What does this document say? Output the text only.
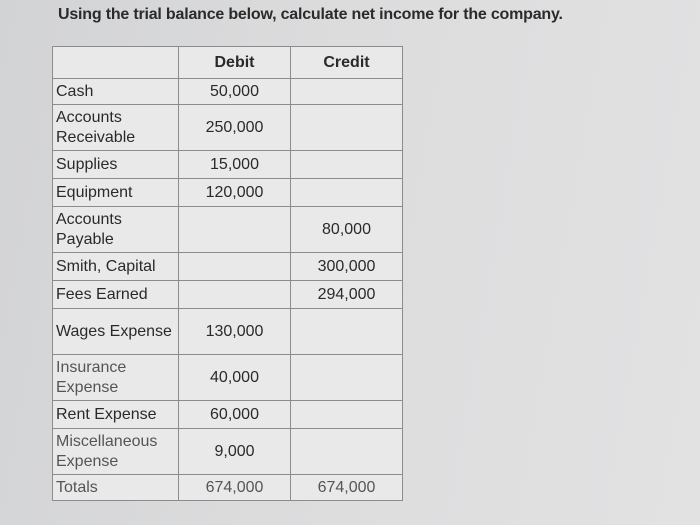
Using the trial balance below, calculate net income for the company.
	Debit	Credit
Cash	50,000	
Accounts Receivable	250,000	
Supplies	15,000	
Equipment	120,000	
Accounts Payable		80,000
Smith, Capital		300,000
Fees Earned		294,000
Wages Expense	130,000	
Insurance Expense	40,000	
Rent Expense	60,000	
Miscellaneous Expense	9,000	
Totals	674,000	674,000
